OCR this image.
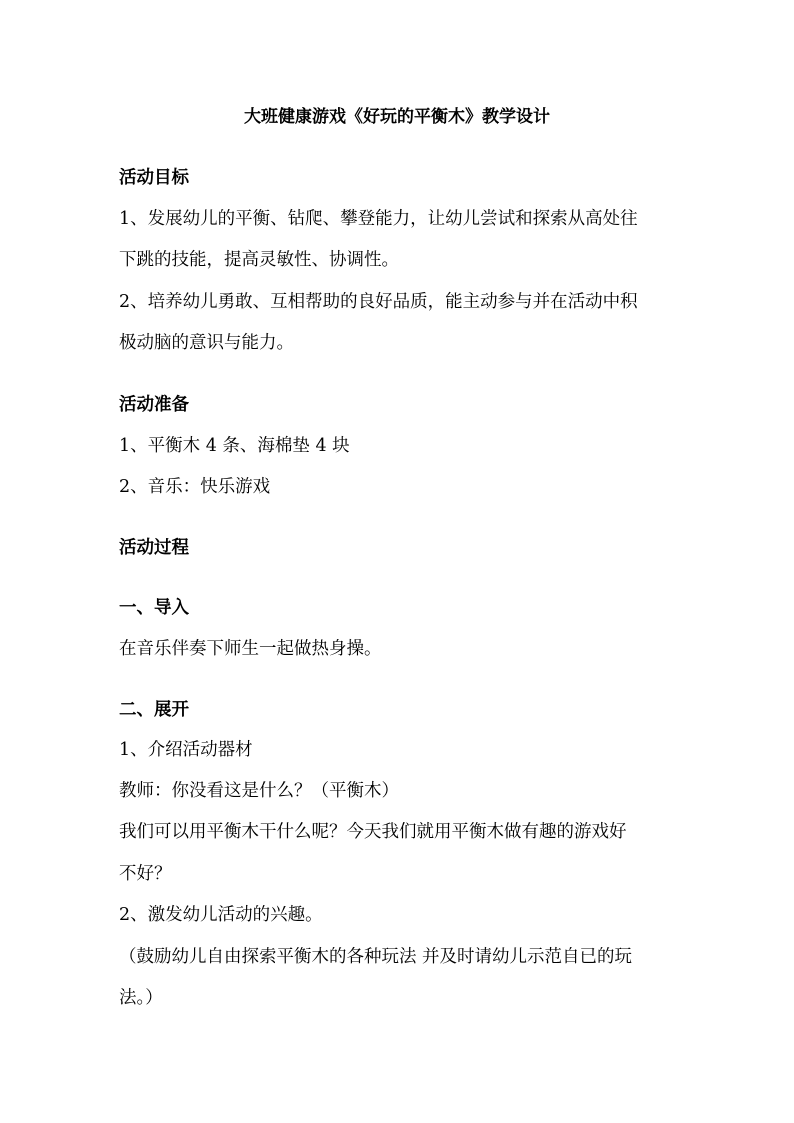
大班健康游戏《好玩的平衡木》教学设计
活动目标
1、发展幼儿的平衡、钻爬、攀登能力，让幼儿尝试和探索从高处往
下跳的技能，提高灵敏性、协调性。
2、培养幼儿勇敢、互相帮助的良好品质，能主动参与并在活动中积
极动脑的意识与能力。
活动准备
1、平衡木 4 条、海棉垫 4 块
2、音乐：快乐游戏
活动过程
一、导入
在音乐伴奏下师生一起做热身操。
二、展开
1、介绍活动器材
教师：你没看这是什么？（平衡木）
我们可以用平衡木干什么呢？今天我们就用平衡木做有趣的游戏好
不好？
2、激发幼儿活动的兴趣。
（鼓励幼儿自由探索平衡木的各种玩法 并及时请幼儿示范自已的玩
法。）
